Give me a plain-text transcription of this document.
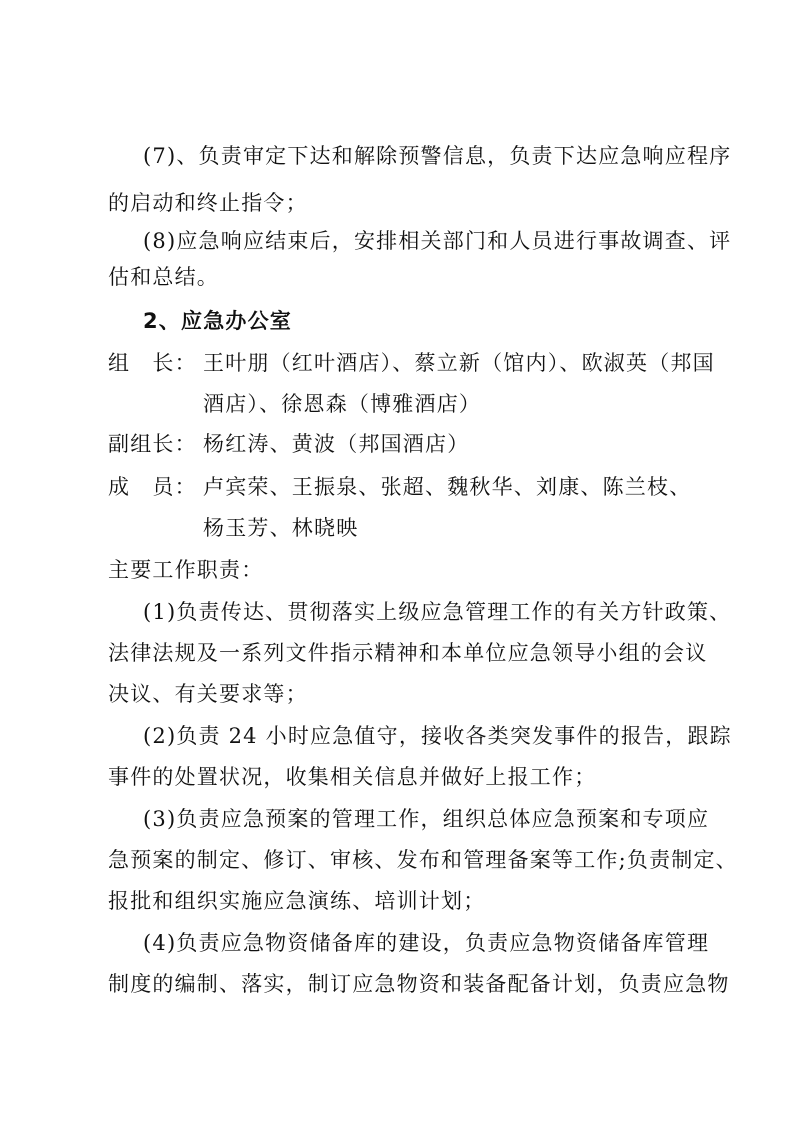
(7)、负责审定下达和解除预警信息，负责下达应急响应程序
的启动和终止指令；
(8)应急响应结束后，安排相关部门和人员进行事故调查、评
估和总结。
2、应急办公室
组　长： 王叶朋（红叶酒店）、蔡立新（馆内）、欧淑英（邦国
酒店）、徐恩森（博雅酒店）
副组长： 杨红涛、黄波（邦国酒店）
成　员： 卢宾荣、王振泉、张超、魏秋华、刘康、陈兰枝、
杨玉芳、林晓映
主要工作职责：
(1)负责传达、贯彻落实上级应急管理工作的有关方针政策、
法律法规及一系列文件指示精神和本单位应急领导小组的会议
决议、有关要求等；
(2)负责 24 小时应急值守，接收各类突发事件的报告，跟踪
事件的处置状况，收集相关信息并做好上报工作；
(3)负责应急预案的管理工作，组织总体应急预案和专项应
急预案的制定、修订、审核、发布和管理备案等工作;负责制定、
报批和组织实施应急演练、培训计划；
(4)负责应急物资储备库的建设，负责应急物资储备库管理
制度的编制、落实，制订应急物资和装备配备计划，负责应急物
